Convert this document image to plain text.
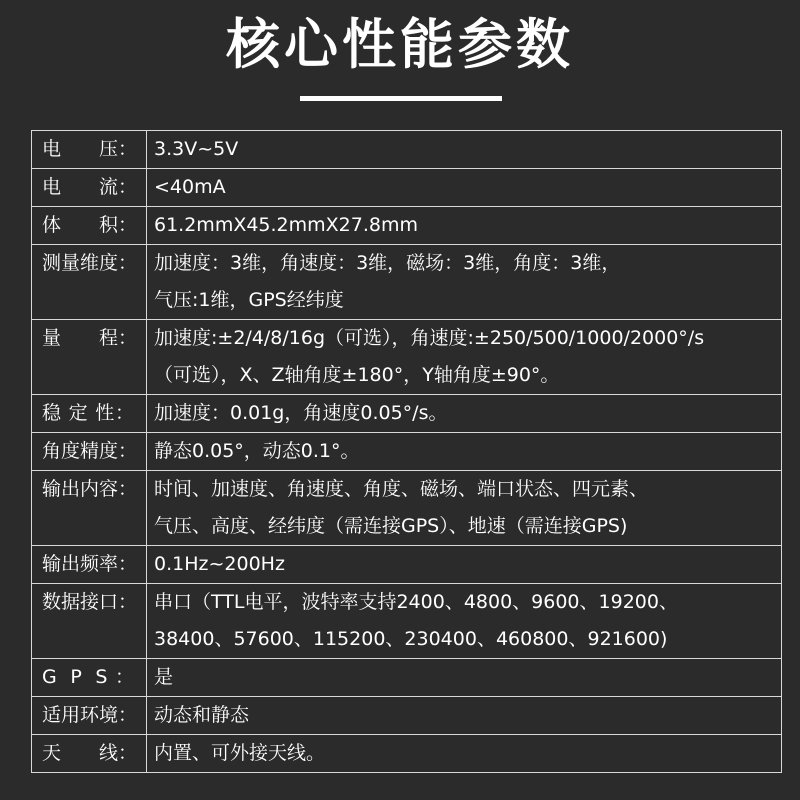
核心性能参数
电　　压：	3.3V~5V

电　　流：	<40mA

体　　积：	61.2mmX45.2mmX27.8mm

测量维度：	加速度：3维，角速度：3维，磁场：3维，角度：3维，
气压:1维，GPS经纬度

量　　程：	加速度:±2/4/8/16g（可选），角速度:±250/500/1000/2000°/s
（可选），X、Z轴角度±180°，Y轴角度±90°。

稳 定 性：	加速度：0.01g，角速度0.05°/s。

角度精度：	静态0.05°，动态0.1°。

输出内容：	时间、加速度、角速度、角度、磁场、端口状态、四元素、
气压、高度、经纬度（需连接GPS）、地速（需连接GPS)

输出频率：	0.1Hz~200Hz

数据接口：	串口（TTL电平，波特率支持2400、4800、9600、19200、
38400、57600、115200、230400、460800、921600)

G P S：	是

适用环境：	动态和静态

天　　线：	内置、可外接天线。
